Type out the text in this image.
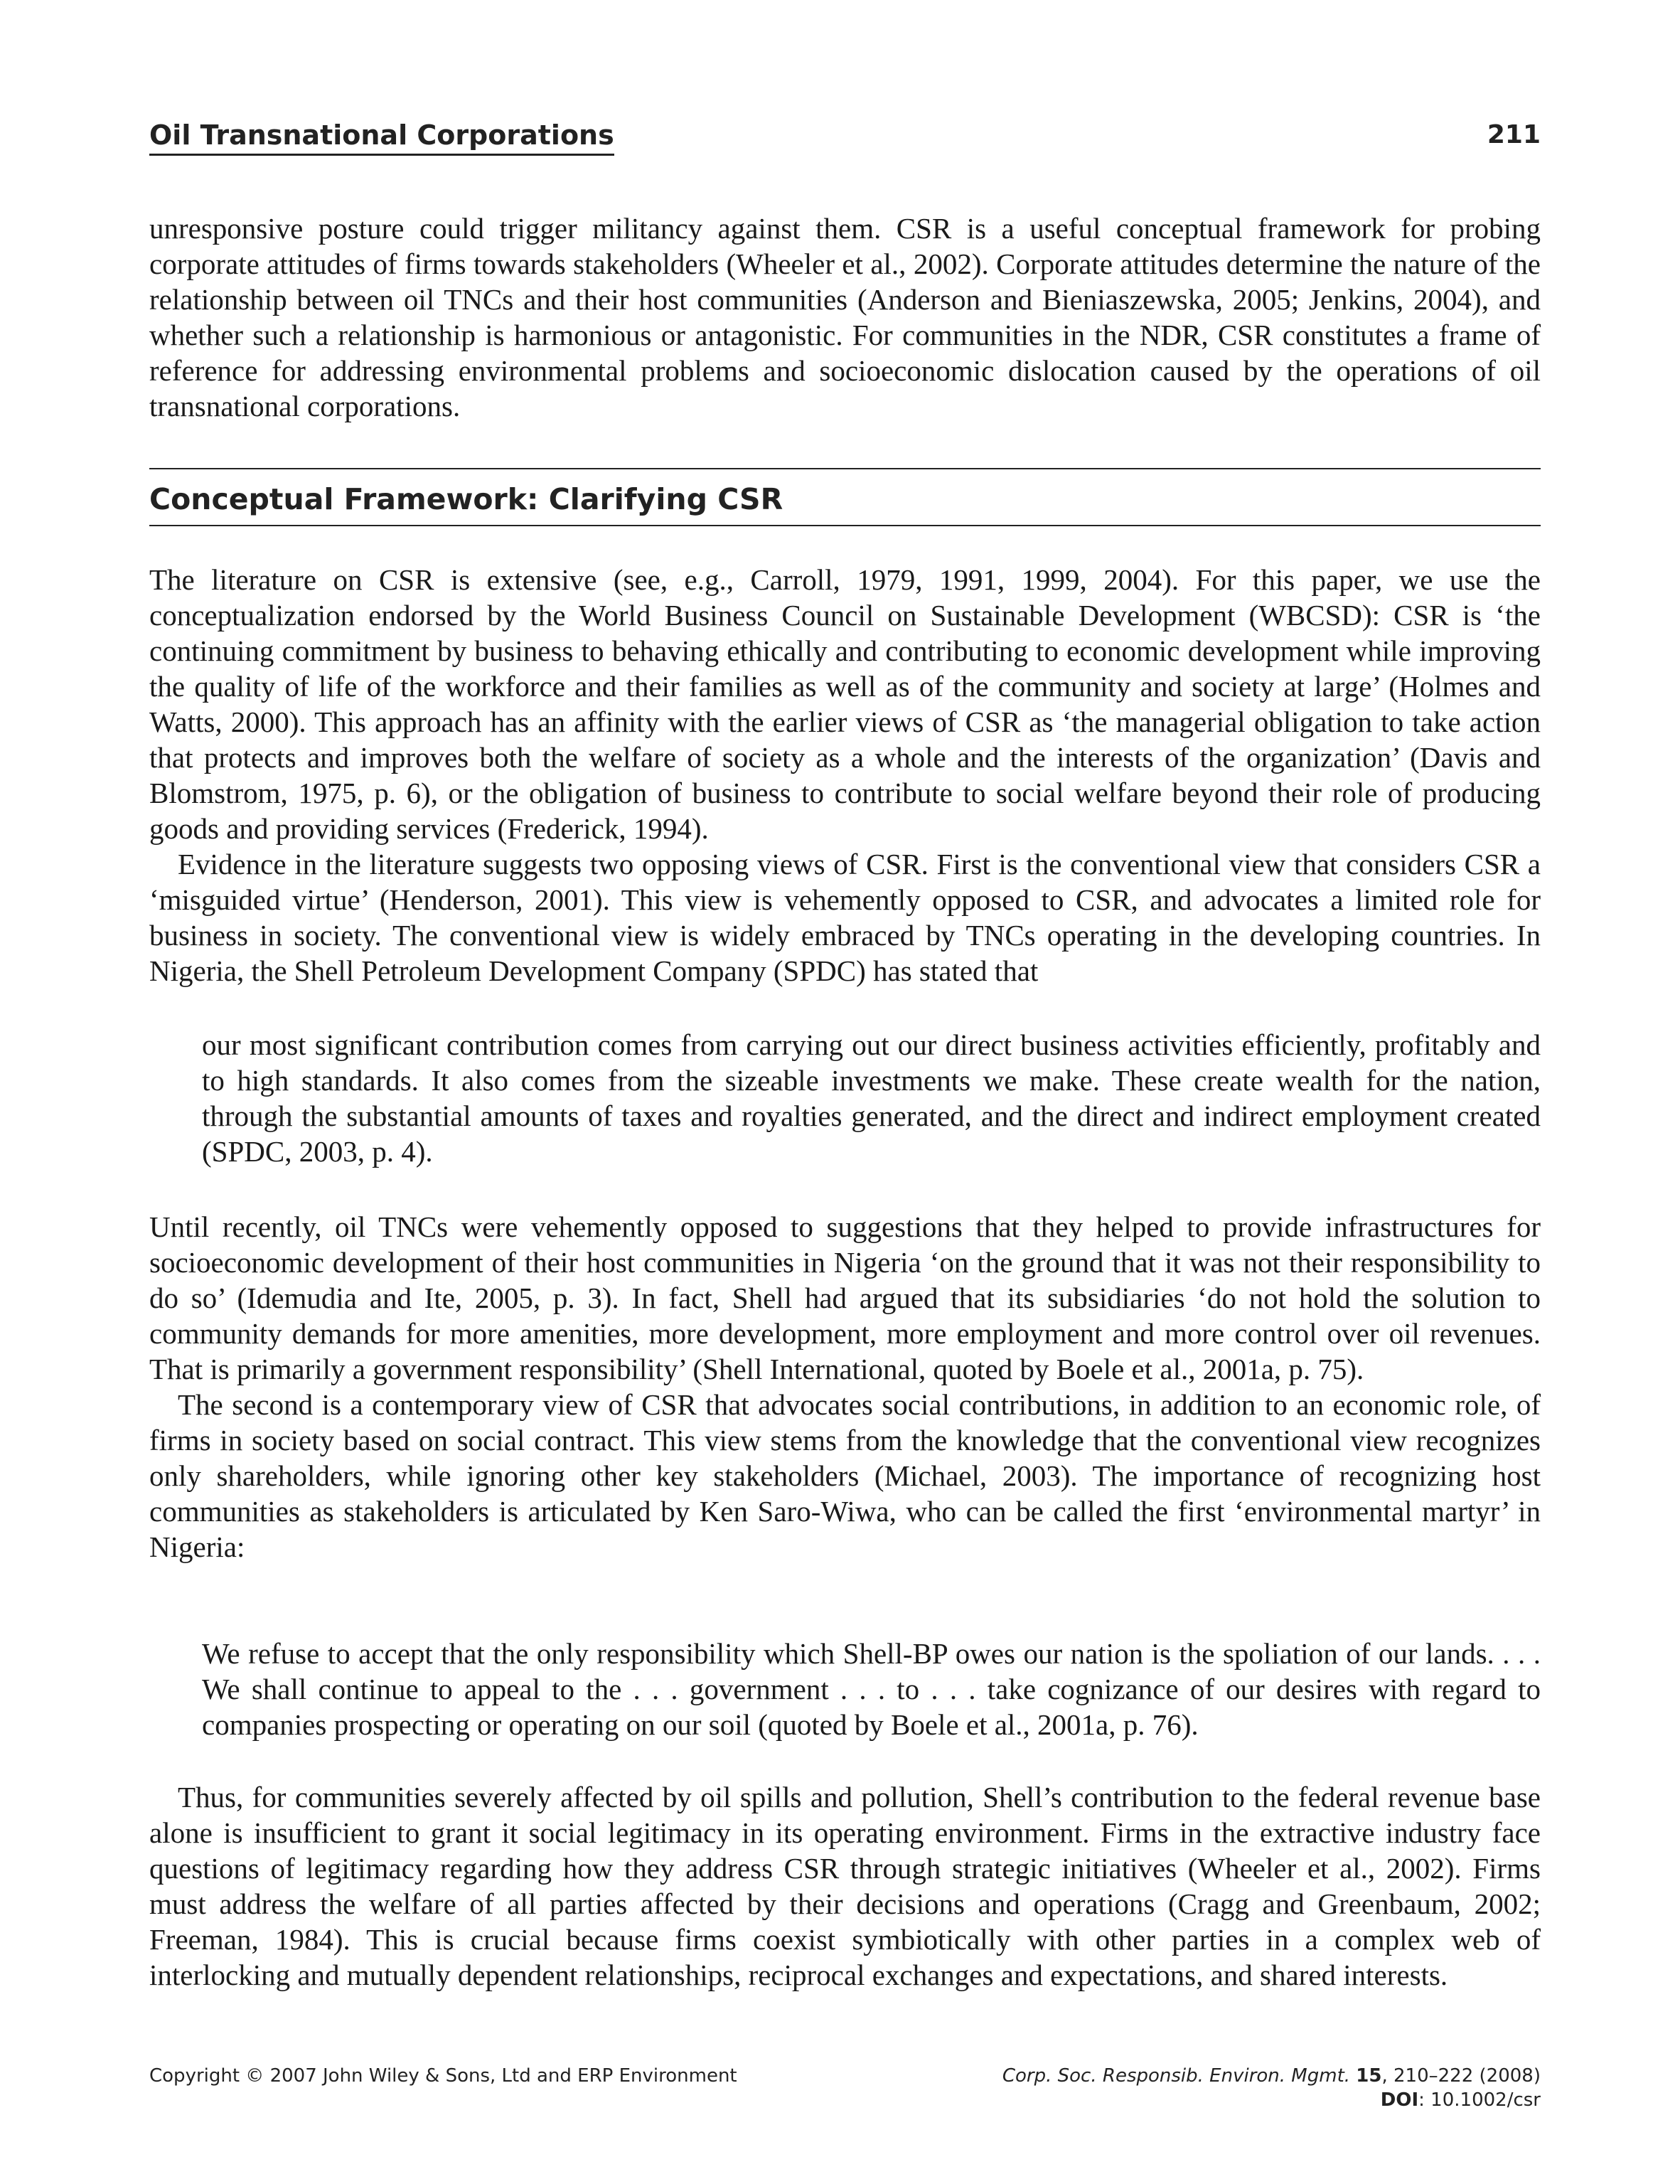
Oil Transnational Corporations	211

unresponsive posture could trigger militancy against them. CSR is a useful conceptual framework for probing corporate attitudes of firms towards stakeholders (Wheeler et al., 2002). Corporate attitudes determine the nature of the relationship between oil TNCs and their host communities (Anderson and Bieniaszewska, 2005; Jenkins, 2004), and whether such a relationship is harmonious or antagonistic. For communities in the NDR, CSR constitutes a frame of reference for addressing environmental problems and socioeconomic dislocation caused by the operations of oil transnational corporations.

Conceptual Framework: Clarifying CSR

The literature on CSR is extensive (see, e.g., Carroll, 1979, 1991, 1999, 2004). For this paper, we use the conceptualization endorsed by the World Business Council on Sustainable Development (WBCSD): CSR is ‘the continuing commitment by business to behaving ethically and contributing to economic development while improving the quality of life of the workforce and their families as well as of the community and society at large’ (Holmes and Watts, 2000). This approach has an affinity with the earlier views of CSR as ‘the managerial obligation to take action that protects and improves both the welfare of society as a whole and the interests of the organization’ (Davis and Blomstrom, 1975, p. 6), or the obligation of business to contribute to social welfare beyond their role of producing goods and providing services (Frederick, 1994).

Evidence in the literature suggests two opposing views of CSR. First is the conventional view that considers CSR a ‘misguided virtue’ (Henderson, 2001). This view is vehemently opposed to CSR, and advocates a limited role for business in society. The conventional view is widely embraced by TNCs operating in the developing countries. In Nigeria, the Shell Petroleum Development Company (SPDC) has stated that

our most significant contribution comes from carrying out our direct business activities efficiently, profitably and to high standards. It also comes from the sizeable investments we make. These create wealth for the nation, through the substantial amounts of taxes and royalties generated, and the direct and indirect employment created (SPDC, 2003, p. 4).

Until recently, oil TNCs were vehemently opposed to suggestions that they helped to provide infrastructures for socioeconomic development of their host communities in Nigeria ‘on the ground that it was not their responsibility to do so’ (Idemudia and Ite, 2005, p. 3). In fact, Shell had argued that its subsidiaries ‘do not hold the solution to community demands for more amenities, more development, more employment and more control over oil revenues. That is primarily a government responsibility’ (Shell International, quoted by Boele et al., 2001a, p. 75).

The second is a contemporary view of CSR that advocates social contributions, in addition to an economic role, of firms in society based on social contract. This view stems from the knowledge that the conventional view recognizes only shareholders, while ignoring other key stakeholders (Michael, 2003). The importance of recognizing host communities as stakeholders is articulated by Ken Saro-Wiwa, who can be called the first ‘environmental martyr’ in Nigeria:

We refuse to accept that the only responsibility which Shell-BP owes our nation is the spoliation of our lands. . . . We shall continue to appeal to the . . . government . . . to . . . take cognizance of our desires with regard to companies prospecting or operating on our soil (quoted by Boele et al., 2001a, p. 76).

Thus, for communities severely affected by oil spills and pollution, Shell’s contribution to the federal revenue base alone is insufficient to grant it social legitimacy in its operating environment. Firms in the extractive industry face questions of legitimacy regarding how they address CSR through strategic initiatives (Wheeler et al., 2002). Firms must address the welfare of all parties affected by their decisions and operations (Cragg and Greenbaum, 2002; Freeman, 1984). This is crucial because firms coexist symbiotically with other parties in a complex web of interlocking and mutually dependent relationships, reciprocal exchanges and expectations, and shared interests.

Copyright © 2007 John Wiley & Sons, Ltd and ERP Environment	Corp. Soc. Responsib. Environ. Mgmt. 15, 210–222 (2008)
DOI: 10.1002/csr
